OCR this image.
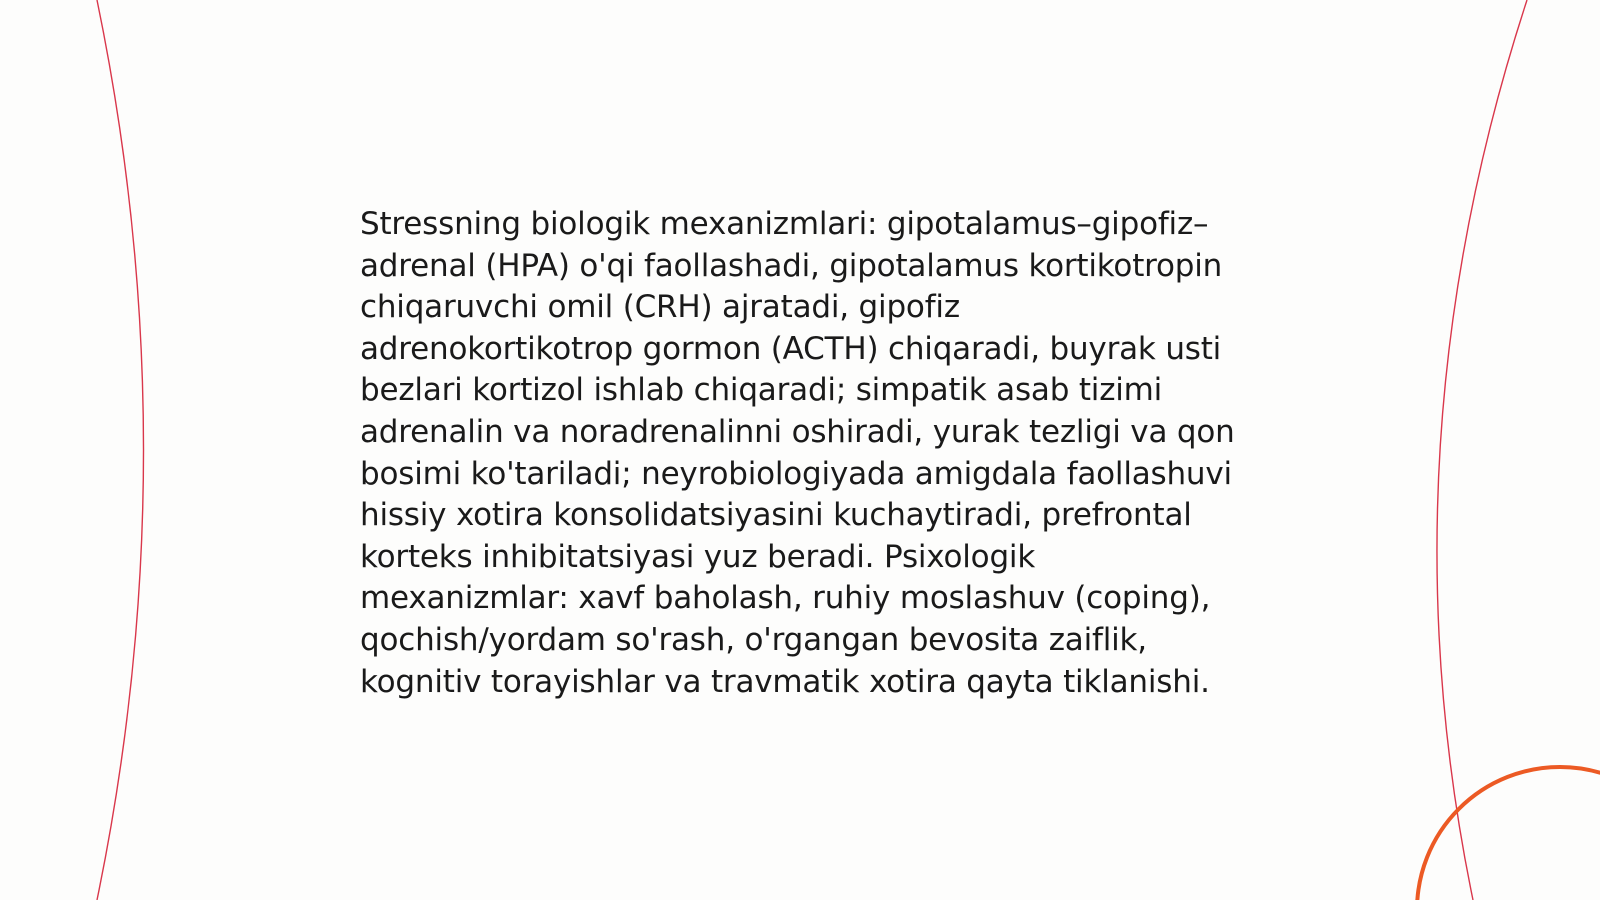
Stressning biologik mexanizmlari: gipotalamus–gipofiz–adrenal (HPA) o'qi faollashadi, gipotalamus kortikotropin chiqaruvchi omil (CRH) ajratadi, gipofiz adrenokortikotrop gormon (ACTH) chiqaradi, buyrak usti bezlari kortizol ishlab chiqaradi; simpatik asab tizimi adrenalin va noradrenalinni oshiradi, yurak tezligi va qon bosimi ko'tariladi; neyrobiologiyada amigdala faollashuvi hissiy xotira konsolidatsiyasini kuchaytiradi, prefrontal korteks inhibitatsiyasi yuz beradi. Psixologik mexanizmlar: xavf baholash, ruhiy moslashuv (coping), qochish/yordam so'rash, o'rgangan bevosita zaiflik, kognitiv torayishlar va travmatik xotira qayta tiklanishi.
